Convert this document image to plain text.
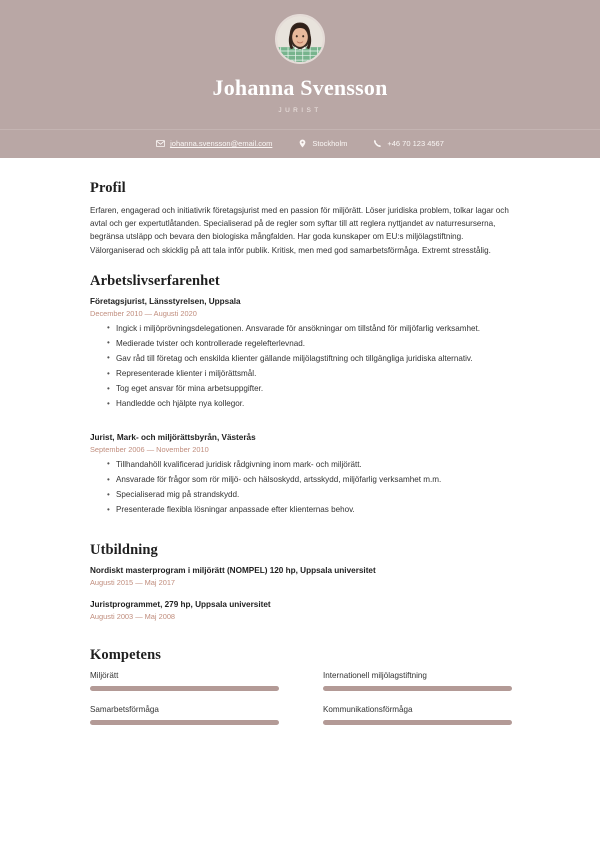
Johanna Svensson
JURIST
johanna.svensson@email.com	Stockholm	+46 70 123 4567
Profil

Erfaren, engagerad och initiativrik företagsjurist med en passion för miljörätt. Löser juridiska problem, tolkar lagar och avtal och ger expertutlåtanden. Specialiserad på de regler som syftar till att reglera nyttjandet av naturresurserna, begränsa utsläpp och bevara den biologiska mångfalden. Har goda kunskaper om EU:s miljölagstiftning. Välorganiserad och skicklig på att tala inför publik. Kritisk, men med god samarbetsförmåga. Extremt stresstålig.

Arbetslivserfarenhet
Företagsjurist, Länsstyrelsen, Uppsala
December 2010 — Augusti 2020
• Ingick i miljöprövningsdelegationen. Ansvarade för ansökningar om tillstånd för miljöfarlig verksamhet.
• Medierade tvister och kontrollerade regelefterlevnad.
• Gav råd till företag och enskilda klienter gällande miljölagstiftning och tillgängliga juridiska alternativ.
• Representerade klienter i miljörättsmål.
• Tog eget ansvar för mina arbetsuppgifter.
• Handledde och hjälpte nya kollegor.
Jurist, Mark- och miljörättsbyrån, Västerås
September 2006 — November 2010
• Tillhandahöll kvalificerad juridisk rådgivning inom mark- och miljörätt.
• Ansvarade för frågor som rör miljö- och hälsoskydd, artsskydd, miljöfarlig verksamhet m.m.
• Specialiserad mig på strandskydd.
• Presenterade flexibla lösningar anpassade efter klienternas behov.
Utbildning
Nordiskt masterprogram i miljörätt (NOMPEL) 120 hp, Uppsala universitet
Augusti 2015 — Maj 2017
Juristprogrammet, 279 hp, Uppsala universitet
Augusti 2003 — Maj 2008
Kompetens
Miljörätt	Internationell miljölagstiftning
Samarbetsförmåga	Kommunikationsförmåga
